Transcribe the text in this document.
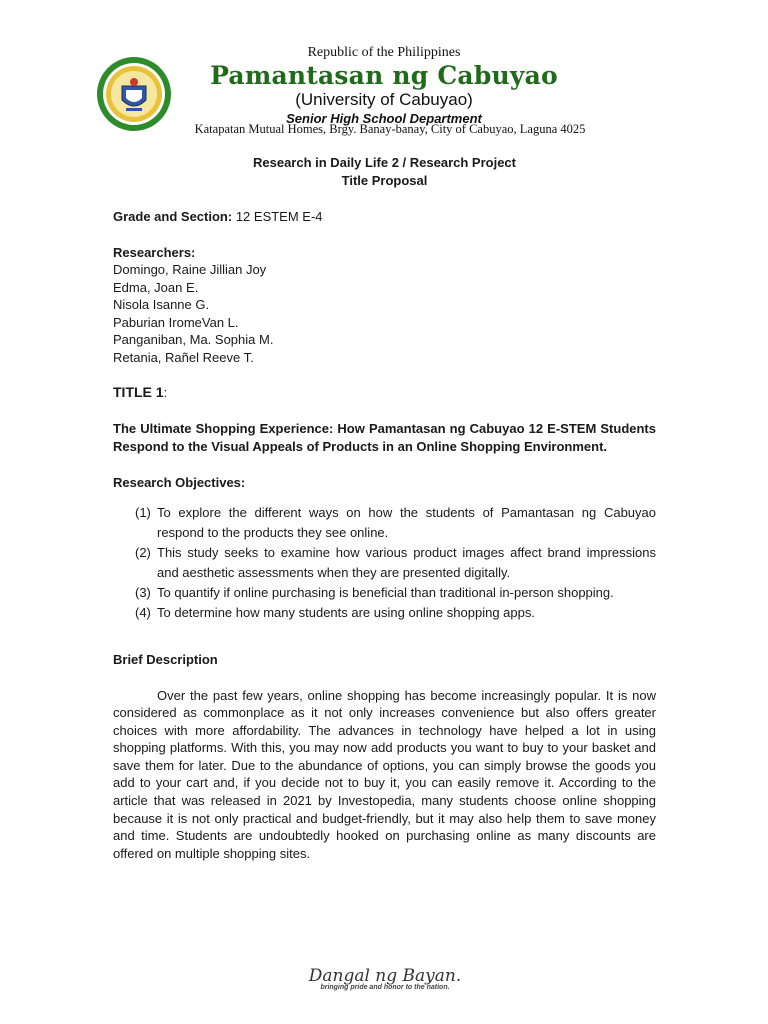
Republic of the Philippines
Pamantasan ng Cabuyao
(University of Cabuyao)
Senior High School Department
Katapatan Mutual Homes, Brgy. Banay-banay, City of Cabuyao, Laguna 4025
Research in Daily Life 2 / Research Project
Title Proposal
Grade and Section: 12 ESTEM E-4
Researchers:
Domingo, Raine Jillian Joy
Edma, Joan E.
Nisola Isanne G.
Paburian IromeVan L.
Panganiban, Ma. Sophia M.
Retania, Rañel Reeve T.
TITLE 1:
The Ultimate Shopping Experience: How Pamantasan ng Cabuyao 12 E-STEM Students Respond to the Visual Appeals of Products in an Online Shopping Environment.
Research Objectives:
(1) To explore the different ways on how the students of Pamantasan ng Cabuyao respond to the products they see online.
(2) This study seeks to examine how various product images affect brand impressions and aesthetic assessments when they are presented digitally.
(3) To quantify if online purchasing is beneficial than traditional in-person shopping.
(4) To determine how many students are using online shopping apps.
Brief Description
Over the past few years, online shopping has become increasingly popular. It is now considered as commonplace as it not only increases convenience but also offers greater choices with more affordability. The advances in technology have helped a lot in using shopping platforms. With this, you may now add products you want to buy to your basket and save them for later. Due to the abundance of options, you can simply browse the goods you add to your cart and, if you decide not to buy it, you can easily remove it. According to the article that was released in 2021 by Investopedia, many students choose online shopping because it is not only practical and budget-friendly, but it may also help them to save money and time. Students are undoubtedly hooked on purchasing online as many discounts are offered on multiple shopping sites.
Dangal ng Bayan.
bringing pride and honor to the nation.
